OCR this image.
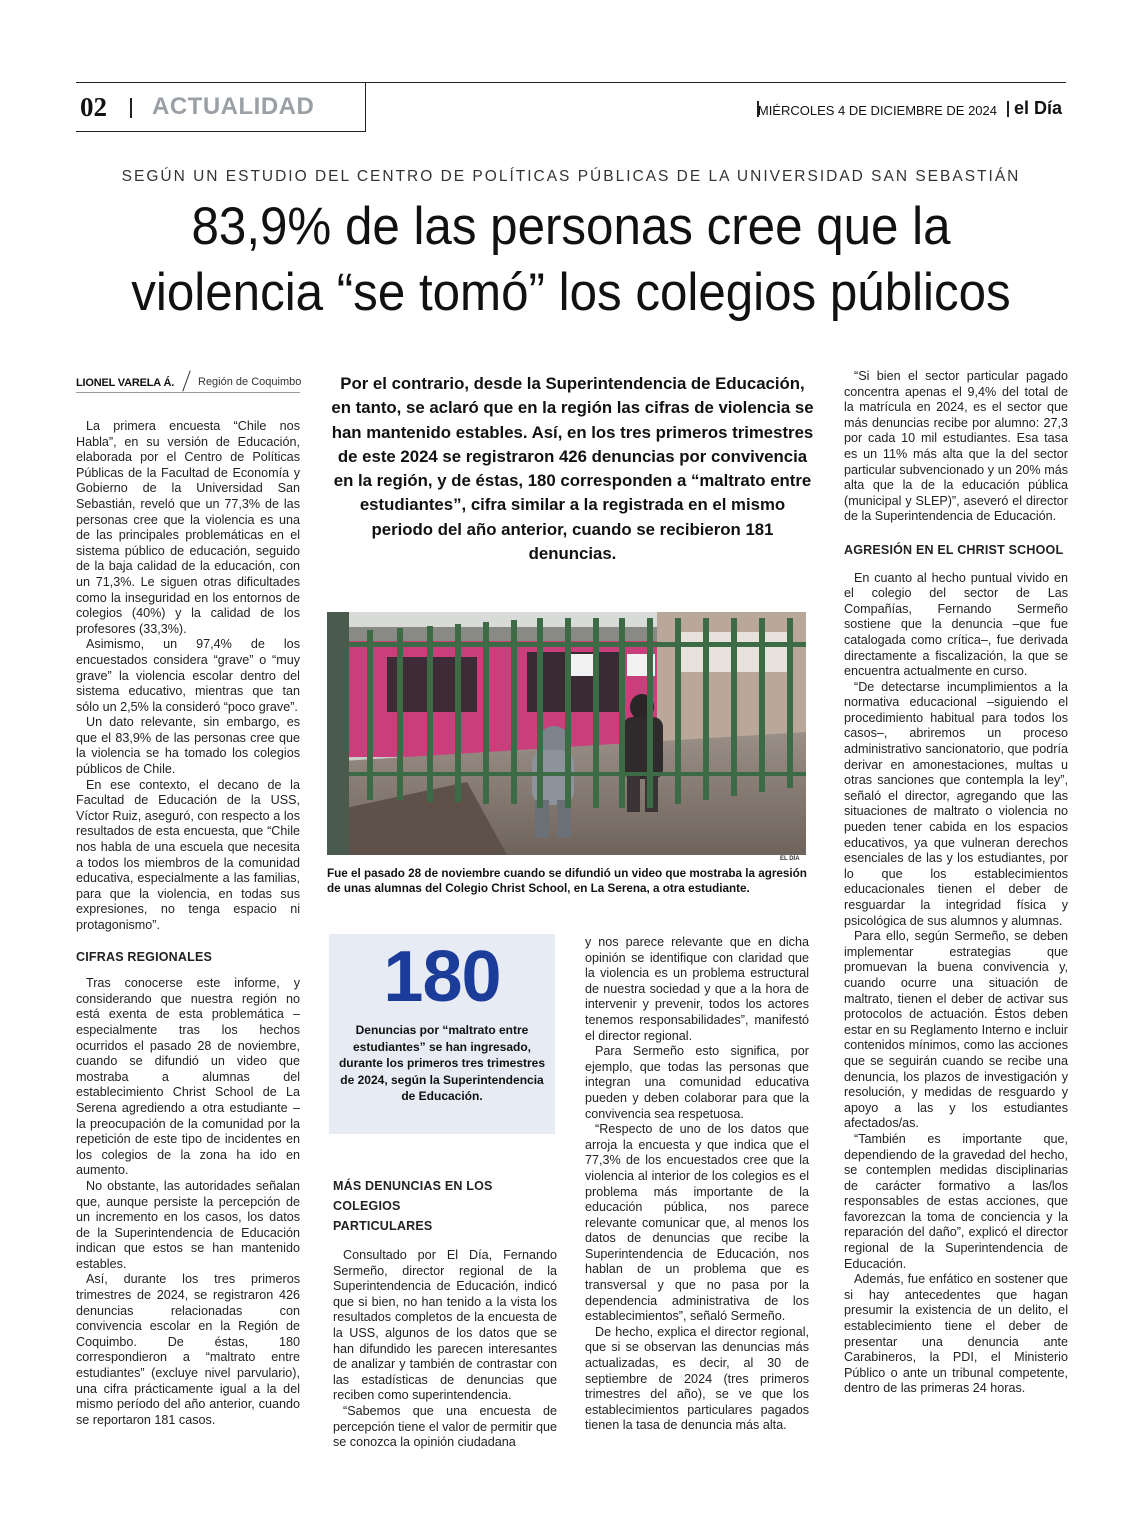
02 ACTUALIDAD	MIÉRCOLES 4 DE DICIEMBRE DE 2024 el Día
SEGÚN UN ESTUDIO DEL CENTRO DE POLÍTICAS PÚBLICAS DE LA UNIVERSIDAD SAN SEBASTIÁN
83,9% de las personas cree que la
violencia “se tomó” los colegios públicos
LIONEL VARELA Á. Región de Coquimbo

La primera encuesta “Chile nos Habla”, en su versión de Educación, elaborada por el Centro de Políticas Públicas de la Facultad de Economía y Gobierno de la Universidad San Sebastián, reveló que un 77,3% de las personas cree que la violencia es una de las principales problemáticas en el sistema público de educación, seguido de la baja calidad de la educación, con un 71,3%. Le siguen otras dificultades como la inseguridad en los entornos de colegios (40%) y la calidad de los profesores (33,3%).

Asimismo, un 97,4% de los encuestados considera “grave” o “muy grave” la violencia escolar dentro del sistema educativo, mientras que tan sólo un 2,5% la consideró “poco grave”.

Un dato relevante, sin embargo, es que el 83,9% de las personas cree que la violencia se ha tomado los colegios públicos de Chile.

En ese contexto, el decano de la Facultad de Educación de la USS, Víctor Ruiz, aseguró, con respecto a los resultados de esta encuesta, que “Chile nos habla de una escuela que necesita a todos los miembros de la comunidad educativa, especialmente a las familias, para que la violencia, en todas sus expresiones, no tenga espacio ni protagonismo”.

CIFRAS REGIONALES

Tras conocerse este informe, y considerando que nuestra región no está exenta de esta problemática –especialmente tras los hechos ocurridos el pasado 28 de noviembre, cuando se difundió un video que mostraba a alumnas del establecimiento Christ School de La Serena agrediendo a otra estudiante – la preocupación de la comunidad por la repetición de este tipo de incidentes en los colegios de la zona ha ido en aumento.

No obstante, las autoridades señalan que, aunque persiste la percepción de un incremento en los casos, los datos de la Superintendencia de Educación indican que estos se han mantenido estables.

Así, durante los tres primeros trimestres de 2024, se registraron 426 denuncias relacionadas con convivencia escolar en la Región de Coquimbo. De éstas, 180 correspondieron a “maltrato entre estudiantes” (excluye nivel parvulario), una cifra prácticamente igual a la del mismo período del año anterior, cuando se reportaron 181 casos.

Por el contrario, desde la Superintendencia de Educación, en tanto, se aclaró que en la región las cifras de violencia se han mantenido estables. Así, en los tres primeros trimestres de este 2024 se registraron 426 denuncias por convivencia en la región, y de éstas, 180 corresponden a “maltrato entre estudiantes”, cifra similar a la registrada en el mismo periodo del año anterior, cuando se recibieron 181 denuncias.
EL DÍA
Fue el pasado 28 de noviembre cuando se difundió un video que mostraba la agresión de unas alumnas del Colegio Christ School, en La Serena, a otra estudiante.
180
Denuncias por “maltrato entre estudiantes” se han ingresado, durante los primeros tres trimestres de 2024, según la Superintendencia de Educación.
MÁS DENUNCIAS EN LOS COLEGIOS PARTICULARES

Consultado por El Día, Fernando Sermeño, director regional de la Superintendencia de Educación, indicó que si bien, no han tenido a la vista los resultados completos de la encuesta de la USS, algunos de los datos que se han difundido les parecen interesantes de analizar y también de contrastar con las estadísticas de denuncias que reciben como superintendencia.

“Sabemos que una encuesta de percepción tiene el valor de permitir que se conozca la opinión ciudadana

y nos parece relevante que en dicha opinión se identifique con claridad que la violencia es un problema estructural de nuestra sociedad y que a la hora de intervenir y prevenir, todos los actores tenemos responsabilidades”, manifestó el director regional.

Para Sermeño esto significa, por ejemplo, que todas las personas que integran una comunidad educativa pueden y deben colaborar para que la convivencia sea respetuosa.

“Respecto de uno de los datos que arroja la encuesta y que indica que el 77,3% de los encuestados cree que la violencia al interior de los colegios es el problema más importante de la educación pública, nos parece relevante comunicar que, al menos los datos de denuncias que recibe la Superintendencia de Educación, nos hablan de un problema que es transversal y que no pasa por la dependencia administrativa de los establecimientos”, señaló Sermeño.

De hecho, explica el director regional, que si se observan las denuncias más actualizadas, es decir, al 30 de septiembre de 2024 (tres primeros trimestres del año), se ve que los establecimientos particulares pagados tienen la tasa de denuncia más alta.

“Si bien el sector particular pagado concentra apenas el 9,4% del total de la matrícula en 2024, es el sector que más denuncias recibe por alumno: 27,3 por cada 10 mil estudiantes. Esa tasa es un 11% más alta que la del sector particular subvencionado y un 20% más alta que la de la educación pública (municipal y SLEP)”, aseveró el director de la Superintendencia de Educación.

AGRESIÓN EN EL CHRIST SCHOOL

En cuanto al hecho puntual vivido en el colegio del sector de Las Compañías, Fernando Sermeño sostiene que la denuncia –que fue catalogada como crítica–, fue derivada directamente a fiscalización, la que se encuentra actualmente en curso.

“De detectarse incumplimientos a la normativa educacional –siguiendo el procedimiento habitual para todos los casos–, abriremos un proceso administrativo sancionatorio, que podría derivar en amonestaciones, multas u otras sanciones que contempla la ley”, señaló el director, agregando que las situaciones de maltrato o violencia no pueden tener cabida en los espacios educativos, ya que vulneran derechos esenciales de las y los estudiantes, por lo que los establecimientos educacionales tienen el deber de resguardar la integridad física y psicológica de sus alumnos y alumnas.

Para ello, según Sermeño, se deben implementar estrategias que promuevan la buena convivencia y, cuando ocurre una situación de maltrato, tienen el deber de activar sus protocolos de actuación. Éstos deben estar en su Reglamento Interno e incluir contenidos mínimos, como las acciones que se seguirán cuando se recibe una denuncia, los plazos de investigación y resolución, y medidas de resguardo y apoyo a las y los estudiantes afectados/as.

“También es importante que, dependiendo de la gravedad del hecho, se contemplen medidas disciplinarias de carácter formativo a las/los responsables de estas acciones, que favorezcan la toma de conciencia y la reparación del daño”, explicó el director regional de la Superintendencia de Educación.

Además, fue enfático en sostener que si hay antecedentes que hagan presumir la existencia de un delito, el establecimiento tiene el deber de presentar una denuncia ante Carabineros, la PDI, el Ministerio Público o ante un tribunal competente, dentro de las primeras 24 horas.
